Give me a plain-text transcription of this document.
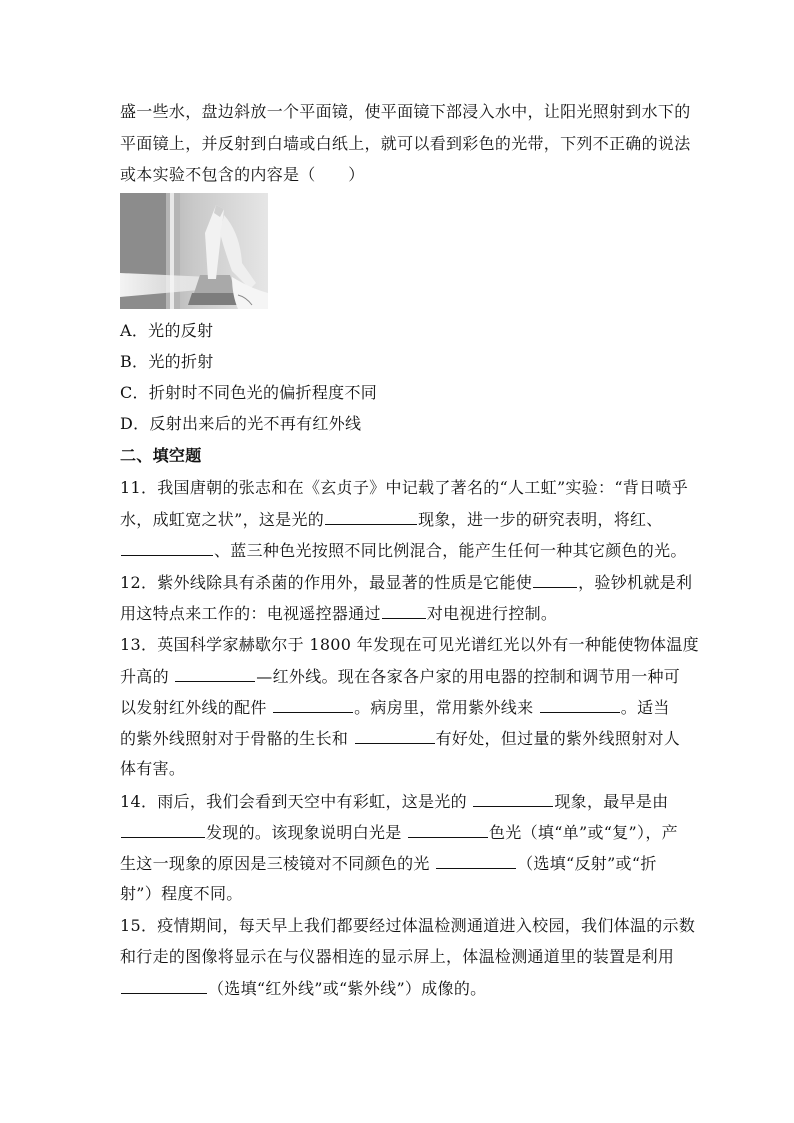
盛一些水，盘边斜放一个平面镜，使平面镜下部浸入水中，让阳光照射到水下的
平面镜上，并反射到白墙或白纸上，就可以看到彩色的光带，下列不正确的说法
或本实验不包含的内容是（　　）
A．光的反射
B．光的折射
C．折射时不同色光的偏折程度不同
D．反射出来后的光不再有红外线
二、填空题
11．我国唐朝的张志和在《玄贞子》中记载了著名的“人工虹”实验：“背日喷乎
水，成虹宽之状”，这是光的	现象，进一步的研究表明，将红、
、蓝三种色光按照不同比例混合，能产生任何一种其它颜色的光。
12．紫外线除具有杀菌的作用外，最显著的性质是它能使	，验钞机就是利
用这特点来工作的：电视遥控器通过	对电视进行控制。
13．英国科学家赫歇尔于 1800 年发现在可见光谱红光以外有一种能使物体温度
升高的	—红外线。现在各家各户家的用电器的控制和调节用一种可
以发射红外线的配件	。病房里，常用紫外线来	。适当
的紫外线照射对于骨骼的生长和	有好处，但过量的紫外线照射对人
体有害。
14．雨后，我们会看到天空中有彩虹，这是光的	现象，最早是由
发现的。该现象说明白光是	色光（填“单”或“复”），产
生这一现象的原因是三棱镜对不同颜色的光	（选填“反射”或“折
射”）程度不同。
15．疫情期间，每天早上我们都要经过体温检测通道进入校园，我们体温的示数
和行走的图像将显示在与仪器相连的显示屏上，体温检测通道里的装置是利用
（选填“红外线”或“紫外线”）成像的。
